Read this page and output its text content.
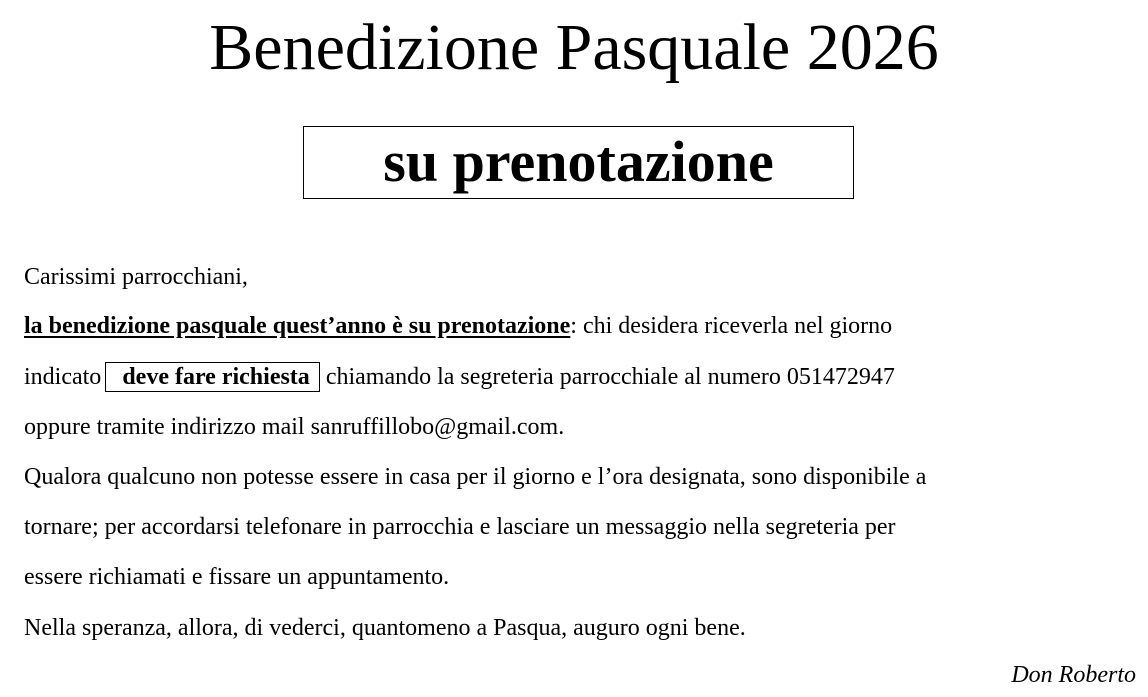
Benedizione Pasquale 2026
su prenotazione
Carissimi parrocchiani,
la benedizione pasquale quest’anno è su prenotazione: chi desidera riceverla nel giorno
indicato deve fare richiesta chiamando la segreteria parrocchiale al numero 051472947
oppure tramite indirizzo mail sanruffillobo@gmail.com.
Qualora qualcuno non potesse essere in casa per il giorno e l’ora designata, sono disponibile a
tornare; per accordarsi telefonare in parrocchia e lasciare un messaggio nella segreteria per
essere richiamati e fissare un appuntamento.
Nella speranza, allora, di vederci, quantomeno a Pasqua, auguro ogni bene.
Don Roberto
